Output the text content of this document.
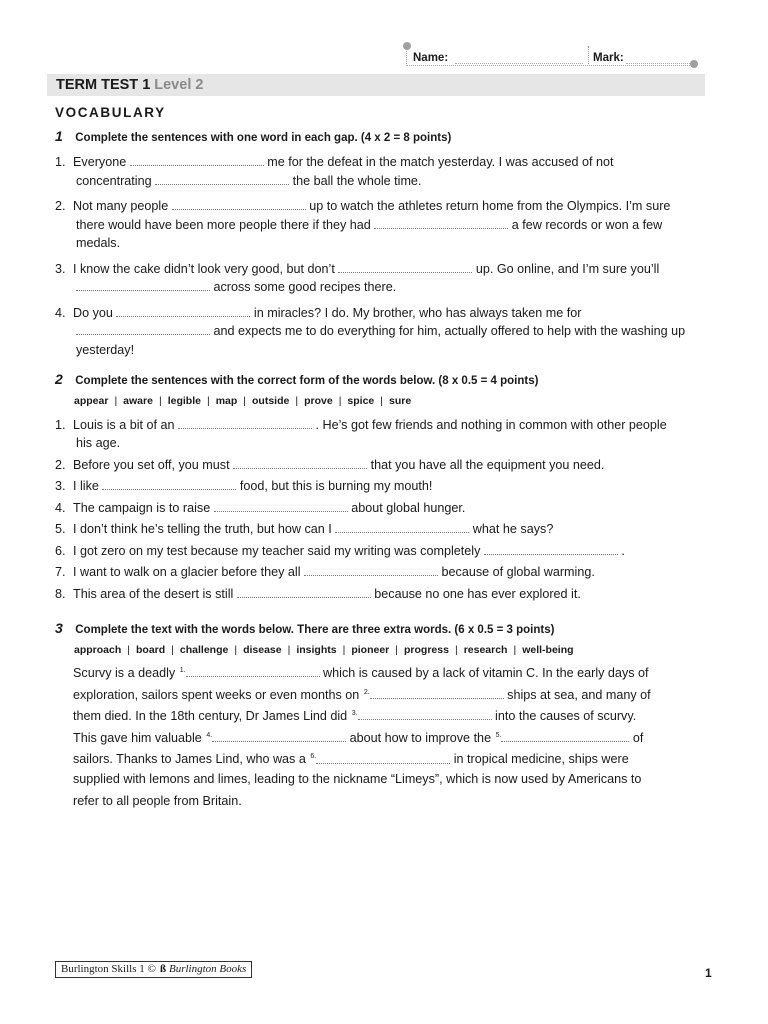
Name:	Mark:
TERM TEST 1 Level 2
VOCABULARY
1 Complete the sentences with one word in each gap. (4 x 2 = 8 points)
1. Everyone	me for the defeat in the match yesterday. I was accused of not
concentrating	the ball the whole time.
2. Not many people	up to watch the athletes return home from the Olympics. I’m sure
there would have been more people there if they had	a few records or won a few
medals.
3. I know the cake didn’t look very good, but don’t	up. Go online, and I’m sure you’ll
across some good recipes there.
4. Do you	in miracles? I do. My brother, who has always taken me for
and expects me to do everything for him, actually offered to help with the washing up
yesterday!
2 Complete the sentences with the correct form of the words below. (8 x 0.5 = 4 points)
appear | aware | legible | map | outside | prove | spice | sure
1. Louis is a bit of an	. He’s got few friends and nothing in common with other people
his age.
2. Before you set off, you must	that you have all the equipment you need.
3. I like	food, but this is burning my mouth!
4. The campaign is to raise	about global hunger.
5. I don’t think he’s telling the truth, but how can I	what he says?
6. I got zero on my test because my teacher said my writing was completely	.
7. I want to walk on a glacier before they all	because of global warming.
8. This area of the desert is still	because no one has ever explored it.
3 Complete the text with the words below. There are three extra words. (6 x 0.5 = 3 points)
approach | board | challenge | disease | insights | pioneer | progress | research | well-being
Scurvy is a deadly $^{1.}$	which is caused by a lack of vitamin C. In the early days of
exploration, sailors spent weeks or even months on $^{2.}$	ships at sea, and many of
them died. In the 18th century, Dr James Lind did $^{3.}$	into the causes of scurvy.
This gave him valuable $^{4.}$	about how to improve the $^{5.}$	of
sailors. Thanks to James Lind, who was a $^{6.}$	in tropical medicine, ships were
supplied with lemons and limes, leading to the nickname “Limeys”, which is now used by Americans to
refer to all people from Britain.
Burlington Skills 1 © ß Burlington Books	1
